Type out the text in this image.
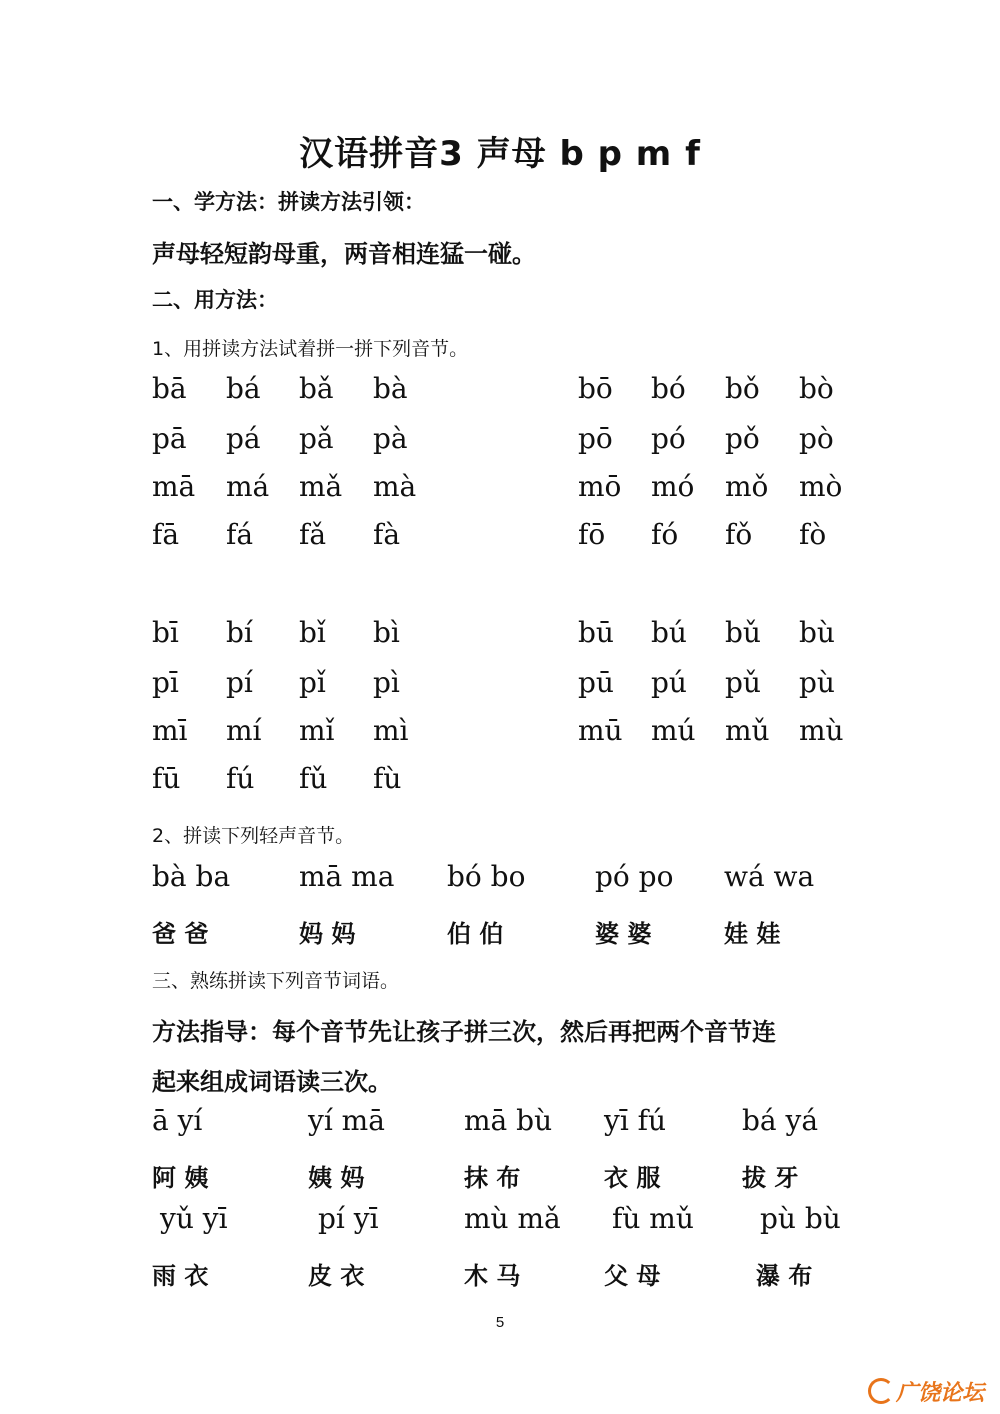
汉语拼音3 声母 b p m f
一、学方法：拼读方法引领：
声母轻短韵母重，两音相连猛一碰。
二、用方法：
1、用拼读方法试着拼一拼下列音节。
bā bá bǎ bà
pā pá pǎ pà
mā má mǎ mà
fā fá fǎ fà
bō bó bǒ bò
pō pó pǒ pò
mō mó mǒ mò
fō fó fǒ fò
bī bí bǐ bì
pī pí pǐ pì
mī mí mǐ mì
fū fú fǔ fù
bū bú bǔ bù
pū pú pǔ pù
mū mú mǔ mù
2、拼读下列轻声音节。
bà ba
爸 爸
mā ma
妈 妈
bó bo
伯 伯
pó po
婆 婆
wá wa
娃 娃
三、熟练拼读下列音节词语。
方法指导：每个音节先让孩子拼三次，然后再把两个音节连
起来组成词语读三次。
ā yí
阿 姨
yí mā
姨 妈
mā bù
抹 布
yī fú
衣 服
bá yá
拔 牙
yǔ yī
雨 衣
pí yī
皮 衣
mù mǎ
木 马
fù mǔ
父 母
pù bù
瀑 布
5
广饶论坛
